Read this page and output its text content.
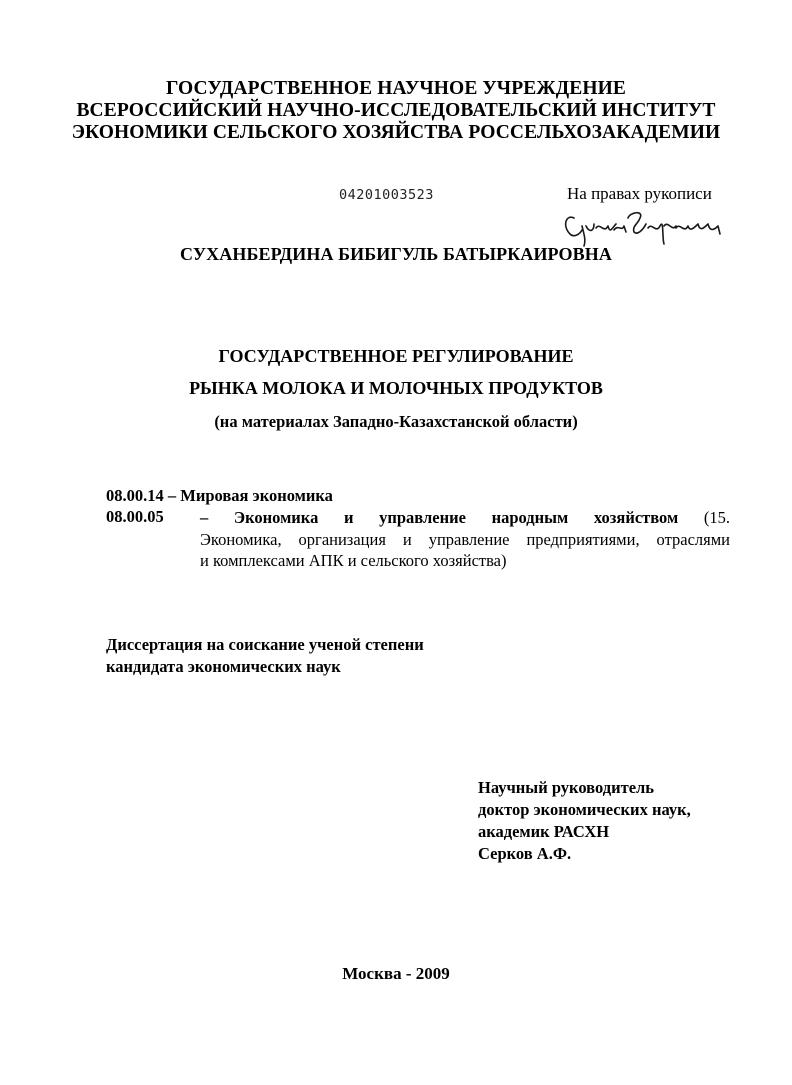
ГОСУДАРСТВЕННОЕ НАУЧНОЕ УЧРЕЖДЕНИЕ
ВСЕРОССИЙСКИЙ НАУЧНО-ИССЛЕДОВАТЕЛЬСКИЙ ИНСТИТУТ
ЭКОНОМИКИ СЕЛЬСКОГО ХОЗЯЙСТВА РОССЕЛЬХОЗАКАДЕМИИ
04201003523	На правах рукописи
СУХАНБЕРДИНА БИБИГУЛЬ БАТЫРКАИРОВНА
ГОСУДАРСТВЕННОЕ РЕГУЛИРОВАНИЕ
РЫНКА МОЛОКА И МОЛОЧНЫХ ПРОДУКТОВ
(на материалах Западно-Казахстанской области)
08.00.14 – Мировая экономика
08.00.05 – Экономика и управление народным хозяйством (15.
Экономика, организация и управление предприятиями, отраслями
и комплексами АПК и сельского хозяйства)
Диссертация на соискание ученой степени
кандидата экономических наук
Научный руководитель
доктор экономических наук,
академик РАСХН
Серков А.Ф.
Москва - 2009
